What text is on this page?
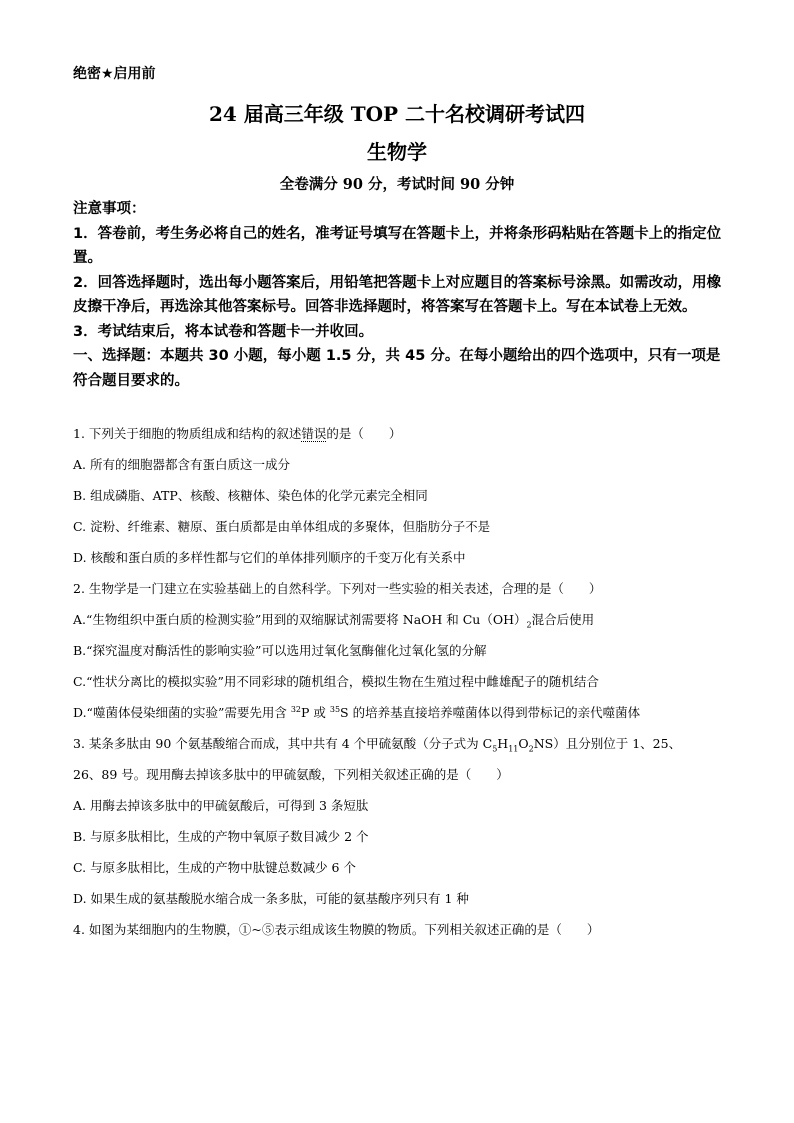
绝密★启用前
24 届高三年级 TOP 二十名校调研考试四
生物学
全卷满分 90 分，考试时间 90 分钟

注意事项：

1．答卷前，考生务必将自己的姓名，准考证号填写在答题卡上，并将条形码粘贴在答题卡上的指定位置。

2．回答选择题时，选出每小题答案后，用铅笔把答题卡上对应题目的答案标号涂黑。如需改动，用橡皮擦干净后，再选涂其他答案标号。回答非选择题时，将答案写在答题卡上。写在本试卷上无效。

3．考试结束后，将本试卷和答题卡一并收回。

一、选择题：本题共 30 小题，每小题 1.5 分，共 45 分。在每小题给出的四个选项中，只有一项是符合题目要求的。

1. 下列关于细胞的物质组成和结构的叙述错误的是（　　）

A. 所有的细胞器都含有蛋白质这一成分

B. 组成磷脂、ATP、核酸、核糖体、染色体的化学元素完全相同

C. 淀粉、纤维素、糖原、蛋白质都是由单体组成的多聚体，但脂肪分子不是

D. 核酸和蛋白质的多样性都与它们的单体排列顺序的千变万化有关系中

2. 生物学是一门建立在实验基础上的自然科学。下列对一些实验的相关表述，合理的是（　　）

A.“生物组织中蛋白质的检测实验”用到的双缩脲试剂需要将 NaOH 和 $Cu(OH)_2$混合后使用

B.“探究温度对酶活性的影响实验”可以选用过氧化氢酶催化过氧化氢的分解

C.“性状分离比的模拟实验”用不同彩球的随机组合，模拟生物在生殖过程中雌雄配子的随机结合

D.“噬菌体侵染细菌的实验”需要先用含 $^{32}$P 或 $^{35}$S 的培养基直接培养噬菌体以得到带标记的亲代噬菌体

3. 某条多肽由 90 个氨基酸缩合而成，其中共有 4 个甲硫氨酸（分子式为 $C_5H_{11}O_2NS$）且分别位于 1、25、

26、89 号。现用酶去掉该多肽中的甲硫氨酸，下列相关叙述正确的是（　　）

A. 用酶去掉该多肽中的甲硫氨酸后，可得到 3 条短肽

B. 与原多肽相比，生成的产物中氧原子数目减少 2 个

C. 与原多肽相比，生成的产物中肽键总数减少 6 个

D. 如果生成的氨基酸脱水缩合成一条多肽，可能的氨基酸序列只有 1 种

4. 如图为某细胞内的生物膜，①~⑤表示组成该生物膜的物质。下列相关叙述正确的是（　　）
